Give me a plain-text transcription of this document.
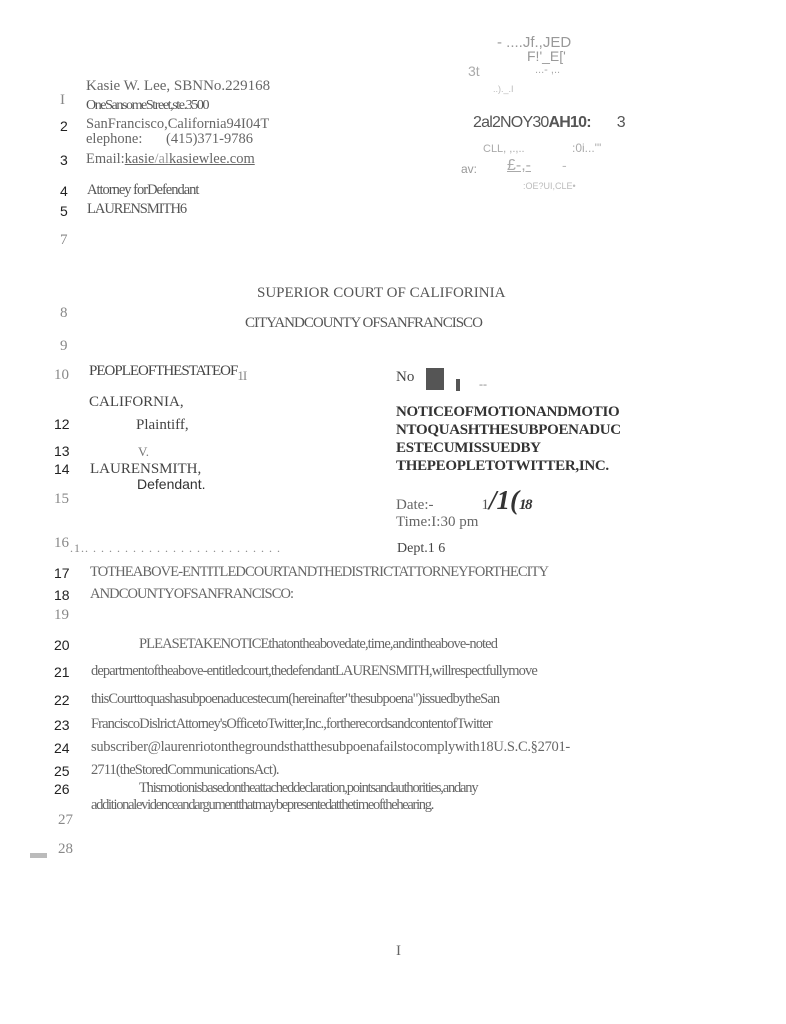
I
2
3
4
5
7
8
9
10
12
13
14
15
16
17
18
19
20
21
22
23
24
25
26
27
28
Kasie W. Lee, SBNNo.229168
OneSansomeStreet,ste.3500
SanFrancisco,California94I04T
elephone: (415)371-9786
Email:kasie/alkasiewlee.com
Attorney forDefendant
LAURENSMITH6
- ....Jf.,JED
F!'_E['
3t	...- ,..
..)._.I
2al2NOY30AH10: 3
CLL, ,.,..	:0i...'"
av: £-,- -
:OE?UI,CLE•
SUPERIOR COURT OF CALIFORINIA
CITYANDCOUNTY OFSANFRANCISCO
PEOPLEOFTHESTATEOF1I
CALIFORNIA,
Plaintiff,
V.
LAURENSMITH,
Defendant.
.1.. . . . . . . . . . . . . . . . . . . . . . . . .
No	--
NOTICEOFMOTIONANDMOTIO
NTOQUASHTHESUBPOENADUC
ESTECUMISSUEDBY
THEPEOPLETOTWITTER,INC.
Date:-	1/1(18
Time:I:30 pm
Dept.1 6
TOTHEABOVE-ENTITLEDCOURTANDTHEDISTRICTATTORNEYFORTHECITY
ANDCOUNTYOFSANFRANCISCO:
PLEASETAKENOTICEthatontheabovedate,time,andintheabove-noted
departmentoftheabove-entitledcourt,thedefendantLAURENSMITH,willrespectfullymove
thisCourttoquashasubpoenaducestecum(hereinafter"thesubpoena")issuedbytheSan
FranciscoDislrictAttorney'sOfficetoTwitter,Inc.,fortherecordsandcontentofTwitter
subscriber@laurenriotonthegroundsthatthesubpoenafailstocomplywith18U.S.C.§2701-
2711(theStoredCommunicationsAct).
Thismotionisbasedontheattacheddeclaration,pointsandauthorities,andany
additionalevidenceandargumentthatmaybepresentedatthetimeofthehearing.
I
